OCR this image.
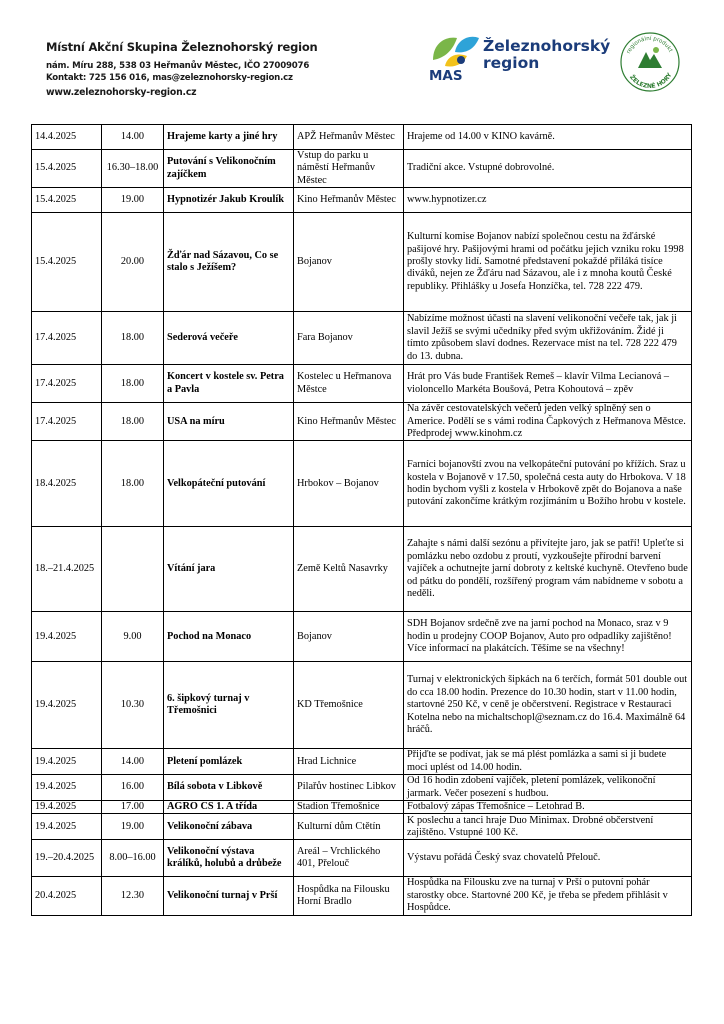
Místní Akční Skupina Železnohorský region
nám. Míru 288, 538 03 Heřmanův Městec, IČO 27009076
Kontakt: 725 156 016, mas@zeleznohorsky-region.cz
www.zeleznohorsky-region.cz
MAS
Železnohorský
region
regionální produkt
ŽELEZNÉ HORY
14.4.2025	14.00	Hrajeme karty a jiné hry	APŽ Heřmanův Městec	Hrajeme od 14.00 v KINO kavárně.
15.4.2025	16.30–18.00	Putování s Velikonočním zajíčkem	Vstup do parku u náměstí Heřmanův Městec	Tradiční akce. Vstupné dobrovolné.
15.4.2025	19.00	Hypnotizér Jakub Kroulík	Kino Heřmanův Městec	www.hypnotizer.cz
15.4.2025	20.00	Žďár nad Sázavou, Co se stalo s Ježíšem?	Bojanov	Kulturní komise Bojanov nabízí společnou cestu na žďárské pašijové hry. Pašijovými hrami od počátku jejich vzniku roku 1998 prošly stovky lidí. Samotné představení pokaždé přiláká tisíce diváků, nejen ze Žďáru nad Sázavou, ale i z mnoha koutů České republiky. Přihlášky u Josefa Honzíčka, tel. 728 222 479.
17.4.2025	18.00	Sederová večeře	Fara Bojanov	Nabízíme možnost účasti na slavení velikonoční večeře tak, jak ji slavil Ježíš se svými učedníky před svým ukřižováním. Židé ji tímto způsobem slaví dodnes. Rezervace míst na tel. 728 222 479 do 13. dubna.
17.4.2025	18.00	Koncert v kostele sv. Petra a Pavla	Kostelec u Heřmanova Městce	Hrát pro Vás bude František Remeš – klavír Vilma Lecianová – violoncello Markéta Boušová, Petra Kohoutová – zpěv
17.4.2025	18.00	USA na míru	Kino Heřmanův Městec	Na závěr cestovatelských večerů jeden velký splněný sen o Americe. Podělí se s vámi rodina Čapkových z Heřmanova Městce. Předprodej www.kinohm.cz
18.4.2025	18.00	Velkopáteční putování	Hrbokov – Bojanov	Farníci bojanovští zvou na velkopáteční putování po křížích. Sraz u kostela v Bojanově v 17.50, společná cesta auty do Hrbokova. V 18 hodin bychom vyšli z kostela v Hrbokově zpět do Bojanova a naše putování zakončíme krátkým rozjímáním u Božího hrobu v kostele.
18.–21.4.2025		Vítání jara	Země Keltů Nasavrky	Zahajte s námi další sezónu a přivítejte jaro, jak se patří! Upleťte si pomlázku nebo ozdobu z proutí, vyzkoušejte přírodní barvení vajíček a ochutnejte jarní dobroty z keltské kuchyně. Otevřeno bude od pátku do pondělí, rozšířený program vám nabídneme v sobotu a neděli.
19.4.2025	9.00	Pochod na Monaco	Bojanov	SDH Bojanov srdečně zve na jarní pochod na Monaco, sraz v 9 hodin u prodejny COOP Bojanov, Auto pro odpadlíky zajištěno! Více informací na plakátcích. Těšíme se na všechny!
19.4.2025	10.30	6. šipkový turnaj v Třemošnici	KD Třemošnice	Turnaj v elektronických šipkách na 6 terčích, formát 501 double out do cca 18.00 hodin. Prezence do 10.30 hodin, start v 11.00 hodin, startovné 250 Kč, v ceně je občerstvení. Registrace v Restauraci Kotelna nebo na michaltschopl@seznam.cz do 16.4. Maximálně 64 hráčů.
19.4.2025	14.00	Pletení pomlázek	Hrad Lichnice	Přijďte se podívat, jak se má plést pomlázka a sami si ji budete moci uplést od 14.00 hodin.
19.4.2025	16.00	Bílá sobota v Libkově	Pilařův hostinec Libkov	Od 16 hodin zdobení vajíček, pletení pomlázek, velikonoční jarmark. Večer posezení s hudbou.
19.4.2025	17.00	AGRO CS 1. A třída	Stadion Třemošnice	Fotbalový zápas Třemošnice – Letohrad B.
19.4.2025	19.00	Velikonoční zábava	Kulturní dům Ctětín	K poslechu a tanci hraje Duo Minimax. Drobné občerstvení zajištěno. Vstupné 100 Kč.
19.–20.4.2025	8.00–16.00	Velikonoční výstava králíků, holubů a drůbeže	Areál – Vrchlického 401, Přelouč	Výstavu pořádá Český svaz chovatelů Přelouč.
20.4.2025	12.30	Velikonoční turnaj v Prší	Hospůdka na Filousku Horní Bradlo	Hospůdka na Filousku zve na turnaj v Prší o putovní pohár starostky obce. Startovné 200 Kč, je třeba se předem přihlásit v Hospůdce.
